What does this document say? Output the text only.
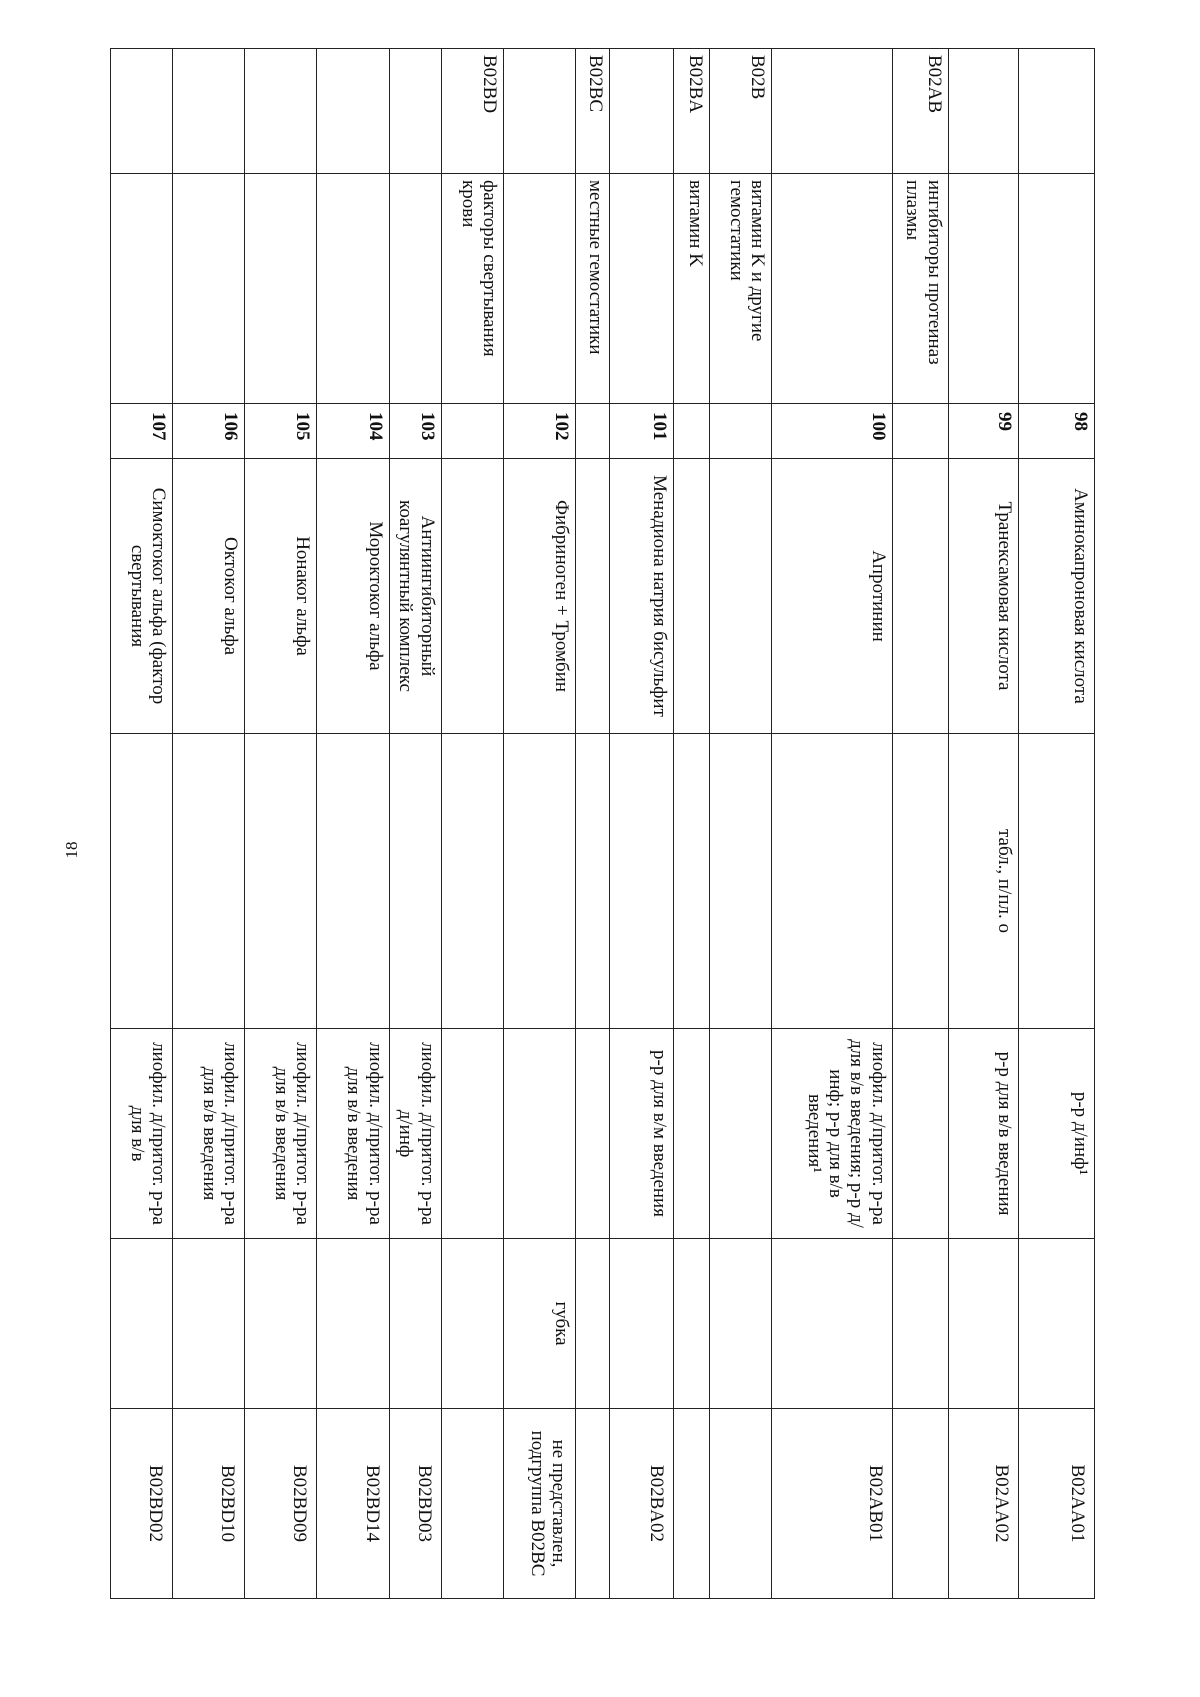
18
		98	Аминокапроновая кислота		р-р д/инф¹		B02AA01
		99	Транексамовая кислота	табл., п/пл. о	р-р для в/в введения		B02AA02
B02AB	ингибиторы протеиназ плазмы						
		100	Апротинин		лиофил. д/притот. р-ра для в/в введения; р-р д/инф; р-р для в/в введения¹		B02AB01
B02B	витамин K и другие гемостатики						
B02BA	витамин K						
		101	Менадиона натрия бисульфит		р-р для в/м введения		B02BA02
B02BC	местные гемостатики						
		102	Фибриноген + Тромбин			губка	не представлен, подгруппа B02BC
B02BD	факторы свертывания крови						
		103	Антиингибиторный коагулянтный комплекс		лиофил. д/притот. р-ра д/инф		B02BD03
		104	Мороктоког альфа		лиофил. д/притот. р-ра для в/в введения		B02BD14
		105	Нонаког альфа		лиофил. д/притот. р-ра для в/в введения		B02BD09
		106	Октоког альфа		лиофил. д/притот. р-ра для в/в введения		B02BD10
		107	Симоктоког альфа (фактор свертывания		лиофил. д/притот. р-ра для в/в		B02BD02
